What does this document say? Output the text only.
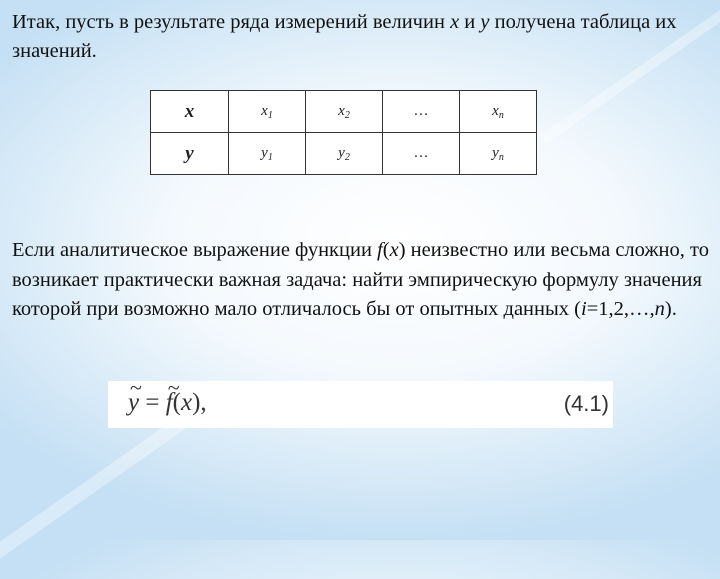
Итак, пусть в результате ряда измерений величин x и y получена таблица их значений.

x	$x_1$	$x_2$	…	$x_n$
y	$y_1$	$y_2$	…	$y_n$

Если аналитическое выражение функции f(x) неизвестно или весьма сложно, то возникает практически важная задача: найти эмпирическую формулу значения которой при возможно мало отличалось бы от опытных данных (i=1,2,…,n).

~ y = ~ f(x),	(4.1)
